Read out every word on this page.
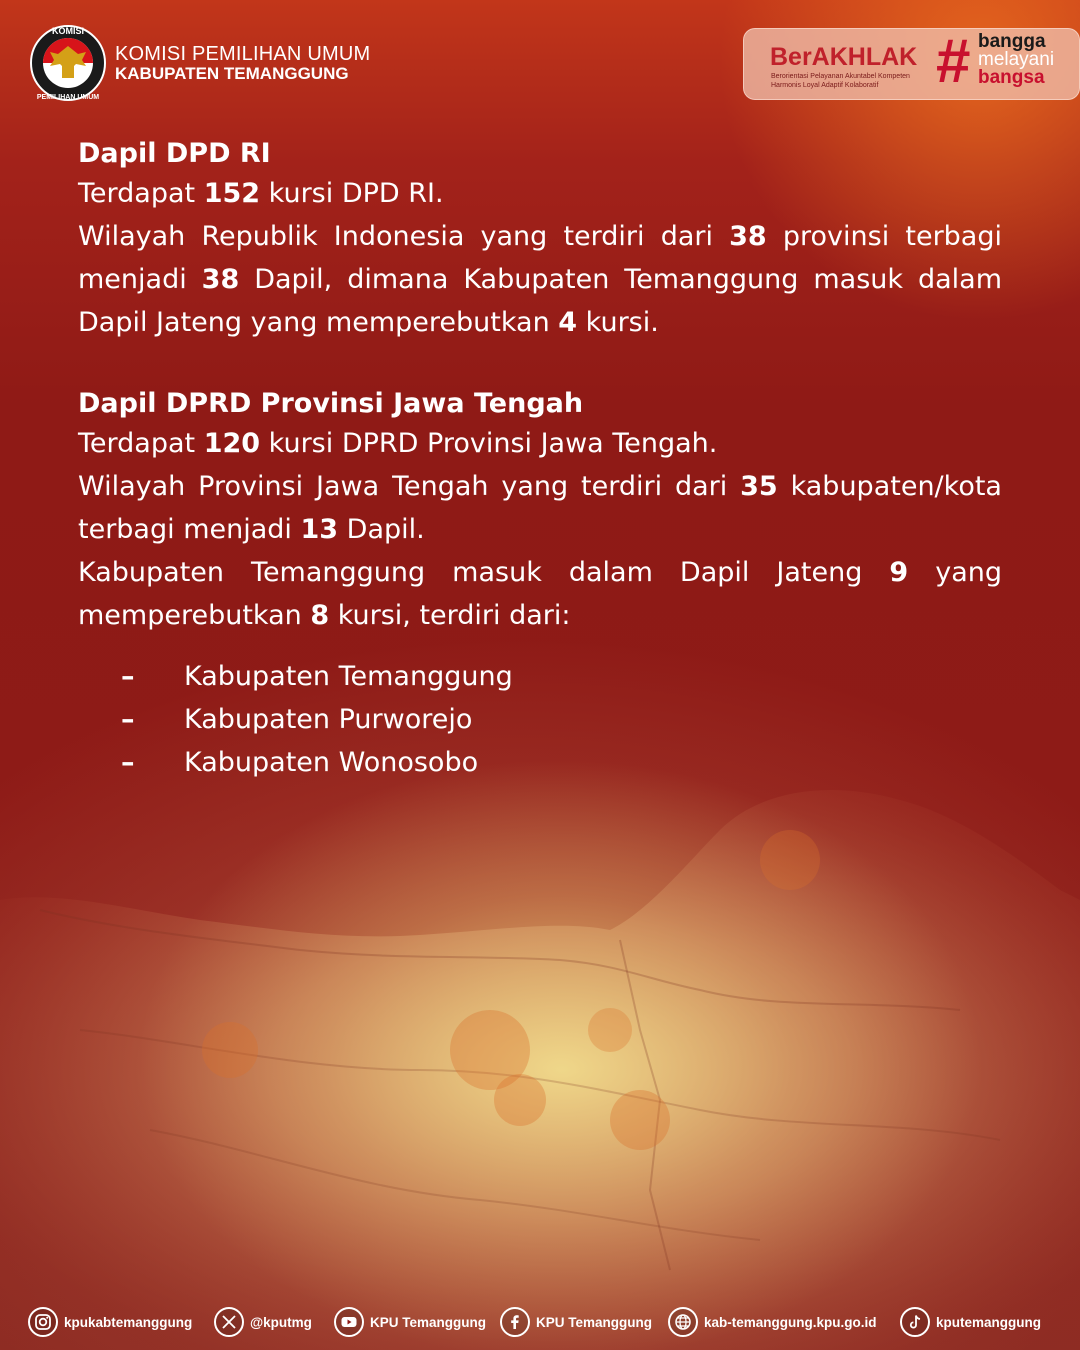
KOMISI
PEMILIHAN UMUM
KOMISI PEMILIHAN UMUM
KABUPATEN TEMANGGUNG
BerAKHLAK
Berorientasi Pelayanan Akuntabel Kompeten
Harmonis Loyal Adaptif Kolaboratif # bangga
melayani
bangsa
Dapil DPD RI

Terdapat 152 kursi DPD RI.

Wilayah Republik Indonesia yang terdiri dari 38 provinsi terbagi menjadi 38 Dapil, dimana Kabupaten Temanggung masuk dalam Dapil Jateng yang memperebutkan 4 kursi.

Dapil DPRD Provinsi Jawa Tengah

Terdapat 120 kursi DPRD Provinsi Jawa Tengah.

Wilayah Provinsi Jawa Tengah yang terdiri dari 35 kabupaten/kota terbagi menjadi 13 Dapil.

Kabupaten Temanggung masuk dalam Dapil Jateng 9 yang memperebutkan 8 kursi, terdiri dari:

– Kabupaten Temanggung
– Kabupaten Purworejo
– Kabupaten Wonosobo
kpukabtemanggung	@kputmg	KPU Temanggung	KPU Temanggung	kab-temanggung.kpu.go.id	kputemanggung
